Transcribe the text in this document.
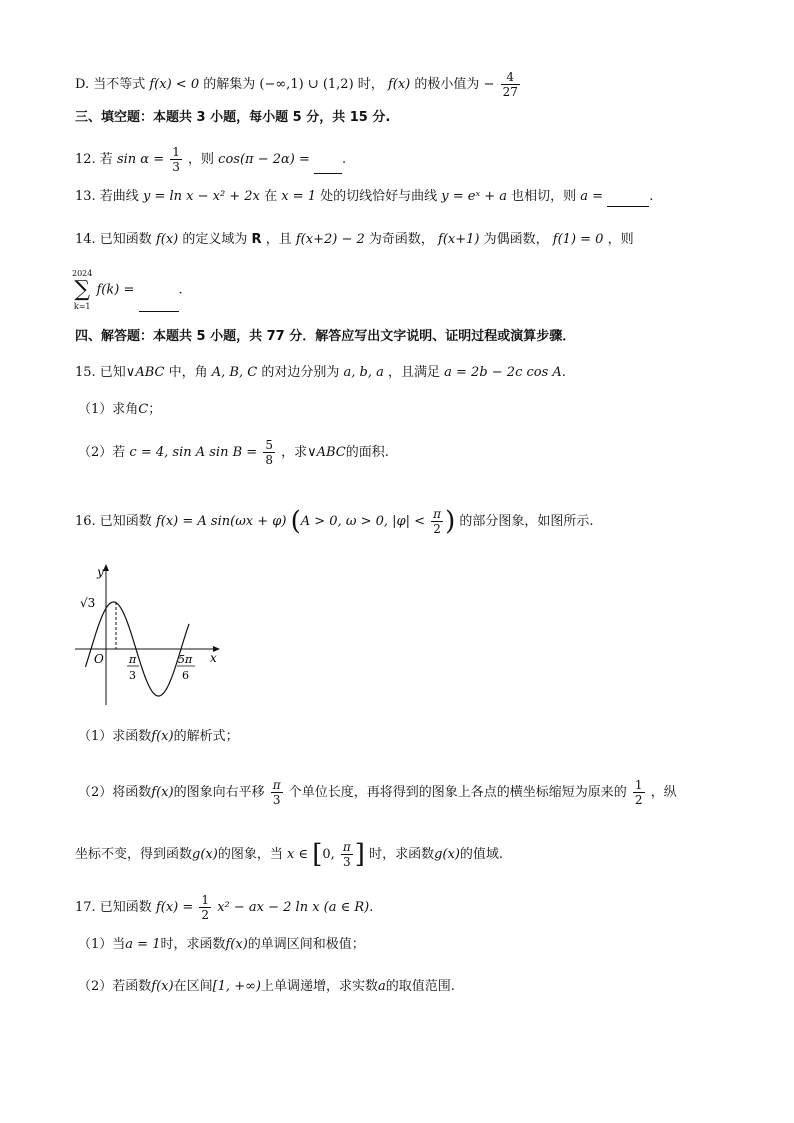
D. 当不等式 f(x) < 0 的解集为 (−∞,1) ∪ (1,2) 时， f(x) 的极小值为 − $\frac{4}{27}$
三、填空题：本题共 3 小题，每小题 5 分，共 15 分.
12. 若 $\sin \alpha = \frac{1}{3}$ ，则 cos(π − 2α) = .
13. 若曲线 y = ln x − x² + 2x 在 x = 1 处的切线恰好与曲线 y = eˣ + a 也相切，则 a =	.
14. 已知函数 f(x) 的定义域为 R ，且 f(x+2) − 2 为奇函数， f(x+1) 为偶函数， f(1) = 0 ，则
2024
∑
k=1
f(k) =	.
四、解答题：本题共 5 小题，共 77 分．解答应写出文字说明、证明过程或演算步骤．
15. 已知∨ABC 中，角 A, B, C 的对边分别为 a, b, a ，且满足 a = 2b − 2c cos A.
（1）求角C；
（2）若 c = 4, sin A $\sin B = \frac{5}{8}$ ，求∨ABC的面积.
16. 已知函数 f(x) = A sin(ωx + φ) (A > 0, ω > 0, $|\varphi| < \frac{\pi}{2}$ ) 的部分图象，如图所示.
y
x
O
√3
π
3
5π
6
（1）求函数f(x)的解析式；
（2）将函数f(x)的图象向右平移 $\frac{\pi}{3}$ 个单位长度，再将得到的图象上各点的横坐标缩短为原来的 $\frac{1}{2}$ ，纵
坐标不变，得到函数g(x)的图象，当 x ∈ [0, $\frac{\pi}{3}$ ] 时，求函数g(x)的值域.
17. 已知函数 $f(x) = \frac{1}{2} x^2$ − ax − 2 ln x (a ∈ R).
（1）当a = 1时，求函数f(x)的单调区间和极值；
（2）若函数f(x)在区间[1, +∞)上单调递增，求实数a的取值范围.
